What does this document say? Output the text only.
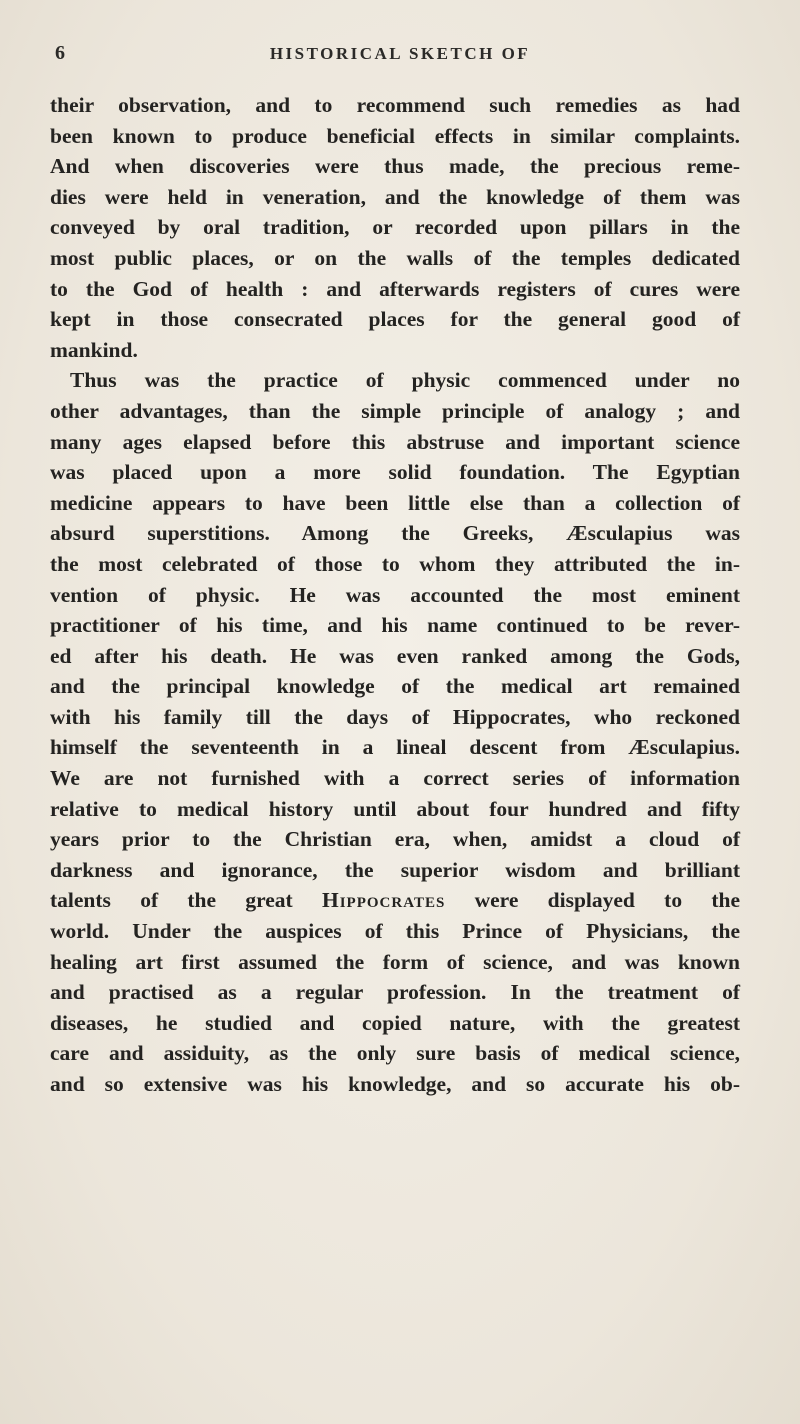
6	HISTORICAL SKETCH OF
their observation, and to recommend such remedies as had
been known to produce beneficial effects in similar complaints.
And when discoveries were thus made, the precious reme-
dies were held in veneration, and the knowledge of them was
conveyed by oral tradition, or recorded upon pillars in the
most public places, or on the walls of the temples dedicated
to the God of health : and afterwards registers of cures were
kept in those consecrated places for the general good of
mankind.
Thus was the practice of physic commenced under no
other advantages, than the simple principle of analogy ; and
many ages elapsed before this abstruse and important science
was placed upon a more solid foundation. The Egyptian
medicine appears to have been little else than a collection of
absurd superstitions. Among the Greeks, Æsculapius was
the most celebrated of those to whom they attributed the in-
vention of physic. He was accounted the most eminent
practitioner of his time, and his name continued to be rever-
ed after his death. He was even ranked among the Gods,
and the principal knowledge of the medical art remained
with his family till the days of Hippocrates, who reckoned
himself the seventeenth in a lineal descent from Æsculapius.
We are not furnished with a correct series of information
relative to medical history until about four hundred and fifty
years prior to the Christian era, when, amidst a cloud of
darkness and ignorance, the superior wisdom and brilliant
talents of the great Hippocrates were displayed to the
world. Under the auspices of this Prince of Physicians, the
healing art first assumed the form of science, and was known
and practised as a regular profession. In the treatment of
diseases, he studied and copied nature, with the greatest
care and assiduity, as the only sure basis of medical science,
and so extensive was his knowledge, and so accurate his ob-
